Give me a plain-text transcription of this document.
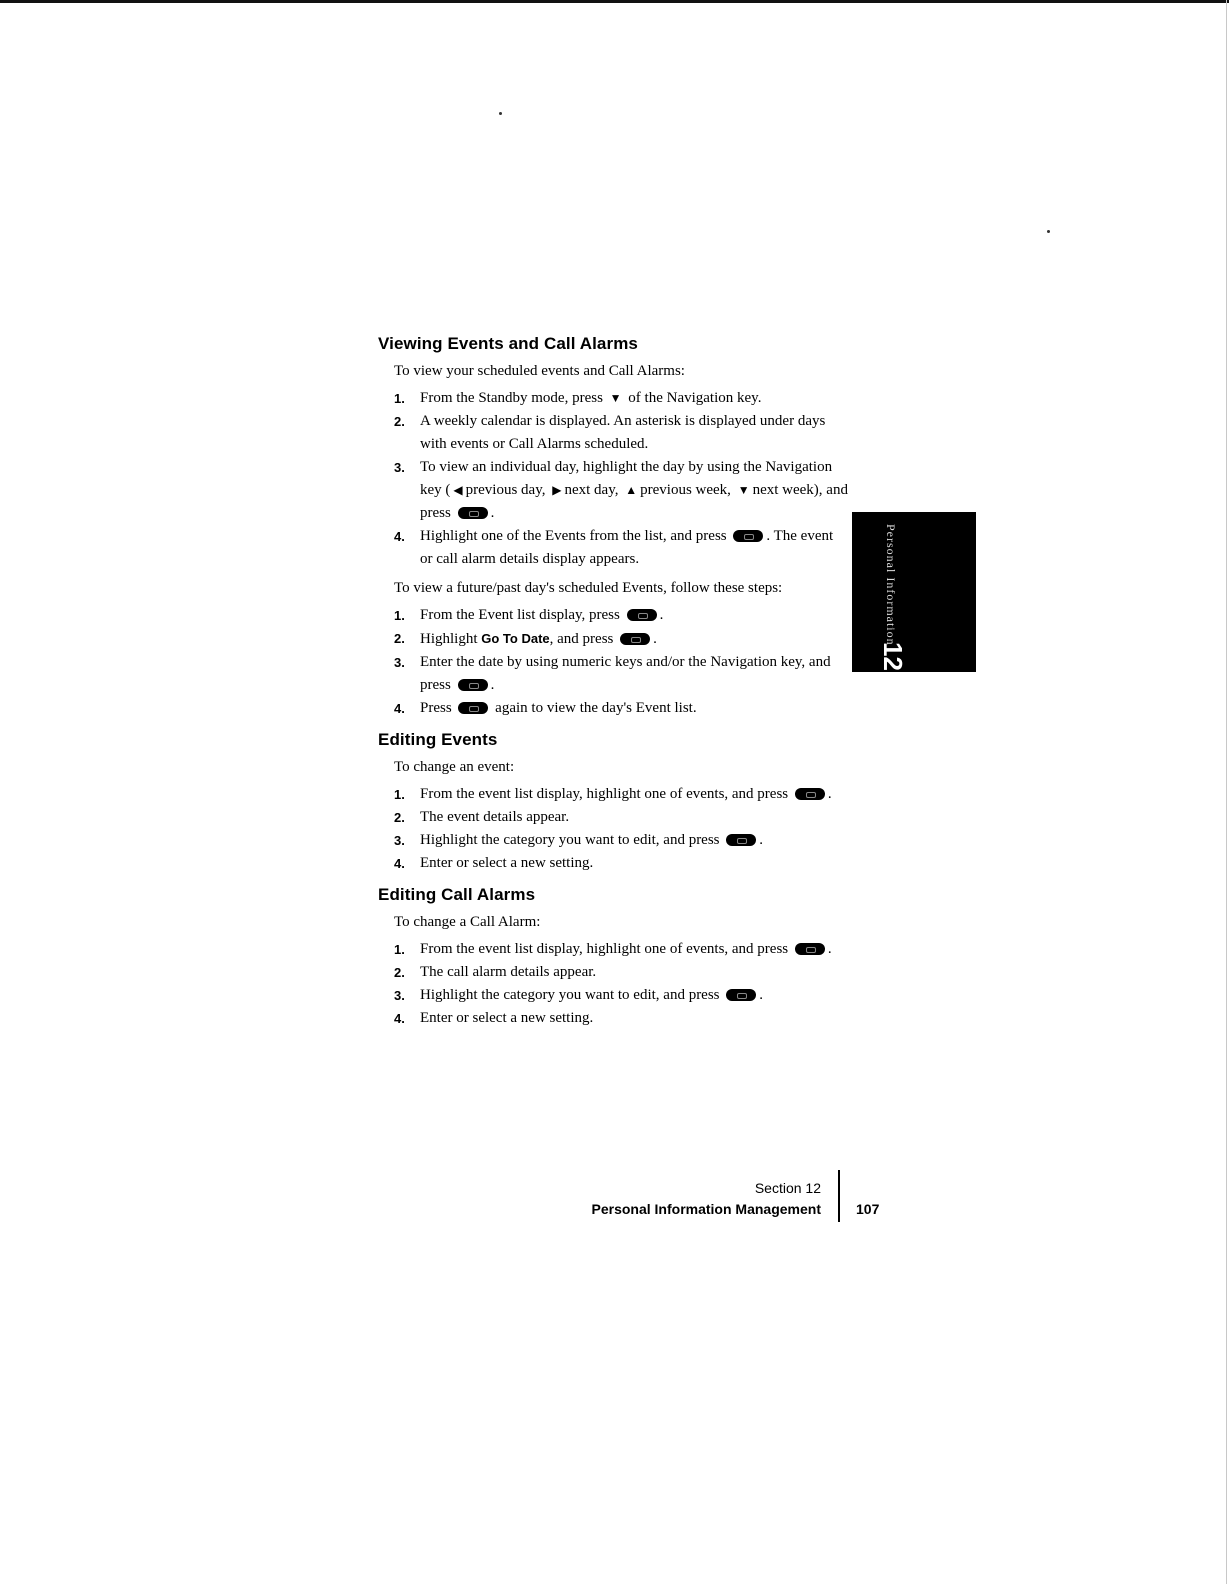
Viewing Events and Call Alarms

To view your scheduled events and Call Alarms:

1. From the Standby mode, press ▼ of the Navigation key.
2. A weekly calendar is displayed. An asterisk is displayed under days with events or Call Alarms scheduled.
3. To view an individual day, highlight the day by using the Navigation key ( ◀ previous day, ▶ next day, ▲ previous week, ▼ next week), and press	.
4. Highlight one of the Events from the list, and press	. The event or call alarm details display appears.

To view a future/past day's scheduled Events, follow these steps:

1. From the Event list display, press	.
2. Highlight Go To Date, and press	.
3. Enter the date by using numeric keys and/or the Navigation key, and press	.
4. Press	again to view the day's Event list.
Editing Events

To change an event:

1. From the event list display, highlight one of events, and press	.
2. The event details appear.
3. Highlight the category you want to edit, and press	.
4. Enter or select a new setting.
Editing Call Alarms

To change a Call Alarm:

1. From the event list display, highlight one of events, and press	.
2. The call alarm details appear.
3. Highlight the category you want to edit, and press	.
4. Enter or select a new setting.
Personal Information
12
Section 12
Personal Information Management	107
